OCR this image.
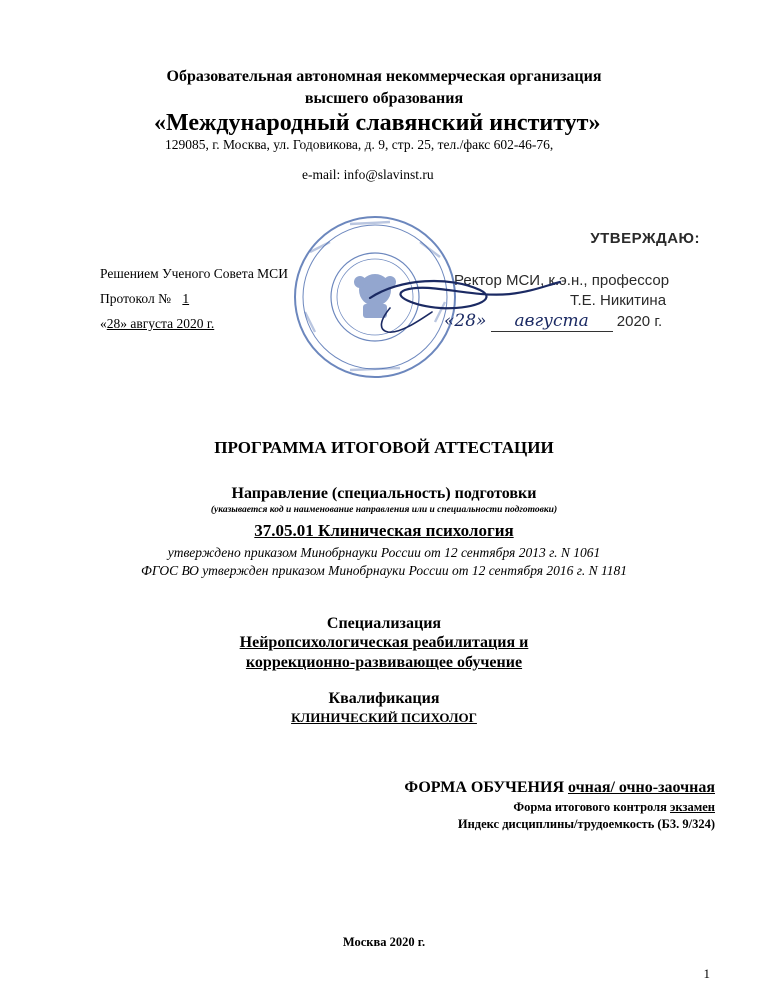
Образовательная автономная некоммерческая организация
высшего образования
«Международный славянский институт»
129085, г. Москва, ул. Годовикова, д. 9, стр. 25, тел./факс 602-46-76,
e-mail: info@slavinst.ru
Решением Ученого Совета МСИ
Протокол № 1
«28» августа 2020 г.
УТВЕРЖДАЮ:
Ректор МСИ, к.э.н., профессор
Т.Е. Никитина
«28» августа 2020 г.
ПРОГРАММА ИТОГОВОЙ АТТЕСТАЦИИ
Направление (специальность) подготовки
(указывается код и наименование направления или и специальности подготовки)
37.05.01 Клиническая психология
утверждено приказом Минобрнауки России от 12 сентября 2013 г. N 1061
ФГОС ВО утвержден приказом Минобрнауки России от 12 сентября 2016 г. N 1181
Специализация
Нейропсихологическая реабилитация и
коррекционно-развивающее обучение
Квалификация
КЛИНИЧЕСКИЙ ПСИХОЛОГ
ФОРМА ОБУЧЕНИЯ очная/ очно-заочная
Форма итогового контроля экзамен
Индекс дисциплины/трудоемкость (Б3. 9/324)
Москва 2020 г.
1
